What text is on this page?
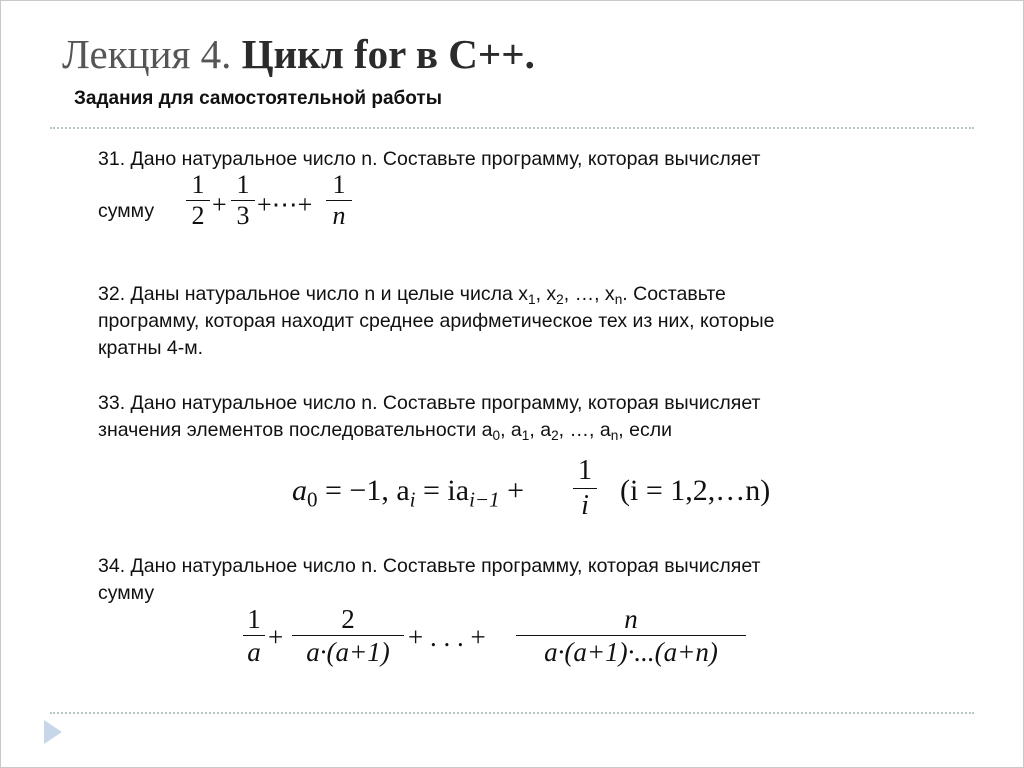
Лекция 4. Цикл for в C++.
Задания для самостоятельной работы
31. Дано натуральное число n. Составьте программу, которая вычисляет
сумму
1
2 +
1
3 +⋯+
1
n
32. Даны натуральное число n и целые числа $x_1$, $x_2$, …, $x_n$. Составьте
программу, которая находит среднее арифметическое тех из них, которые
кратны 4-м.
33. Дано натуральное число n. Составьте программу, которая вычисляет
значения элементов последовательности $a_0$, $a_1$, $a_2$, …, $a_n$, если
$a_0 = -1$, $a_i = ia_{i-1}$ +
1
i (i = 1,2,…n)
34. Дано натуральное число n. Составьте программу, которая вычисляет
сумму
1
a +
2
a·(a+1) + . . . +
n
a·(a+1)·...(a+n)
